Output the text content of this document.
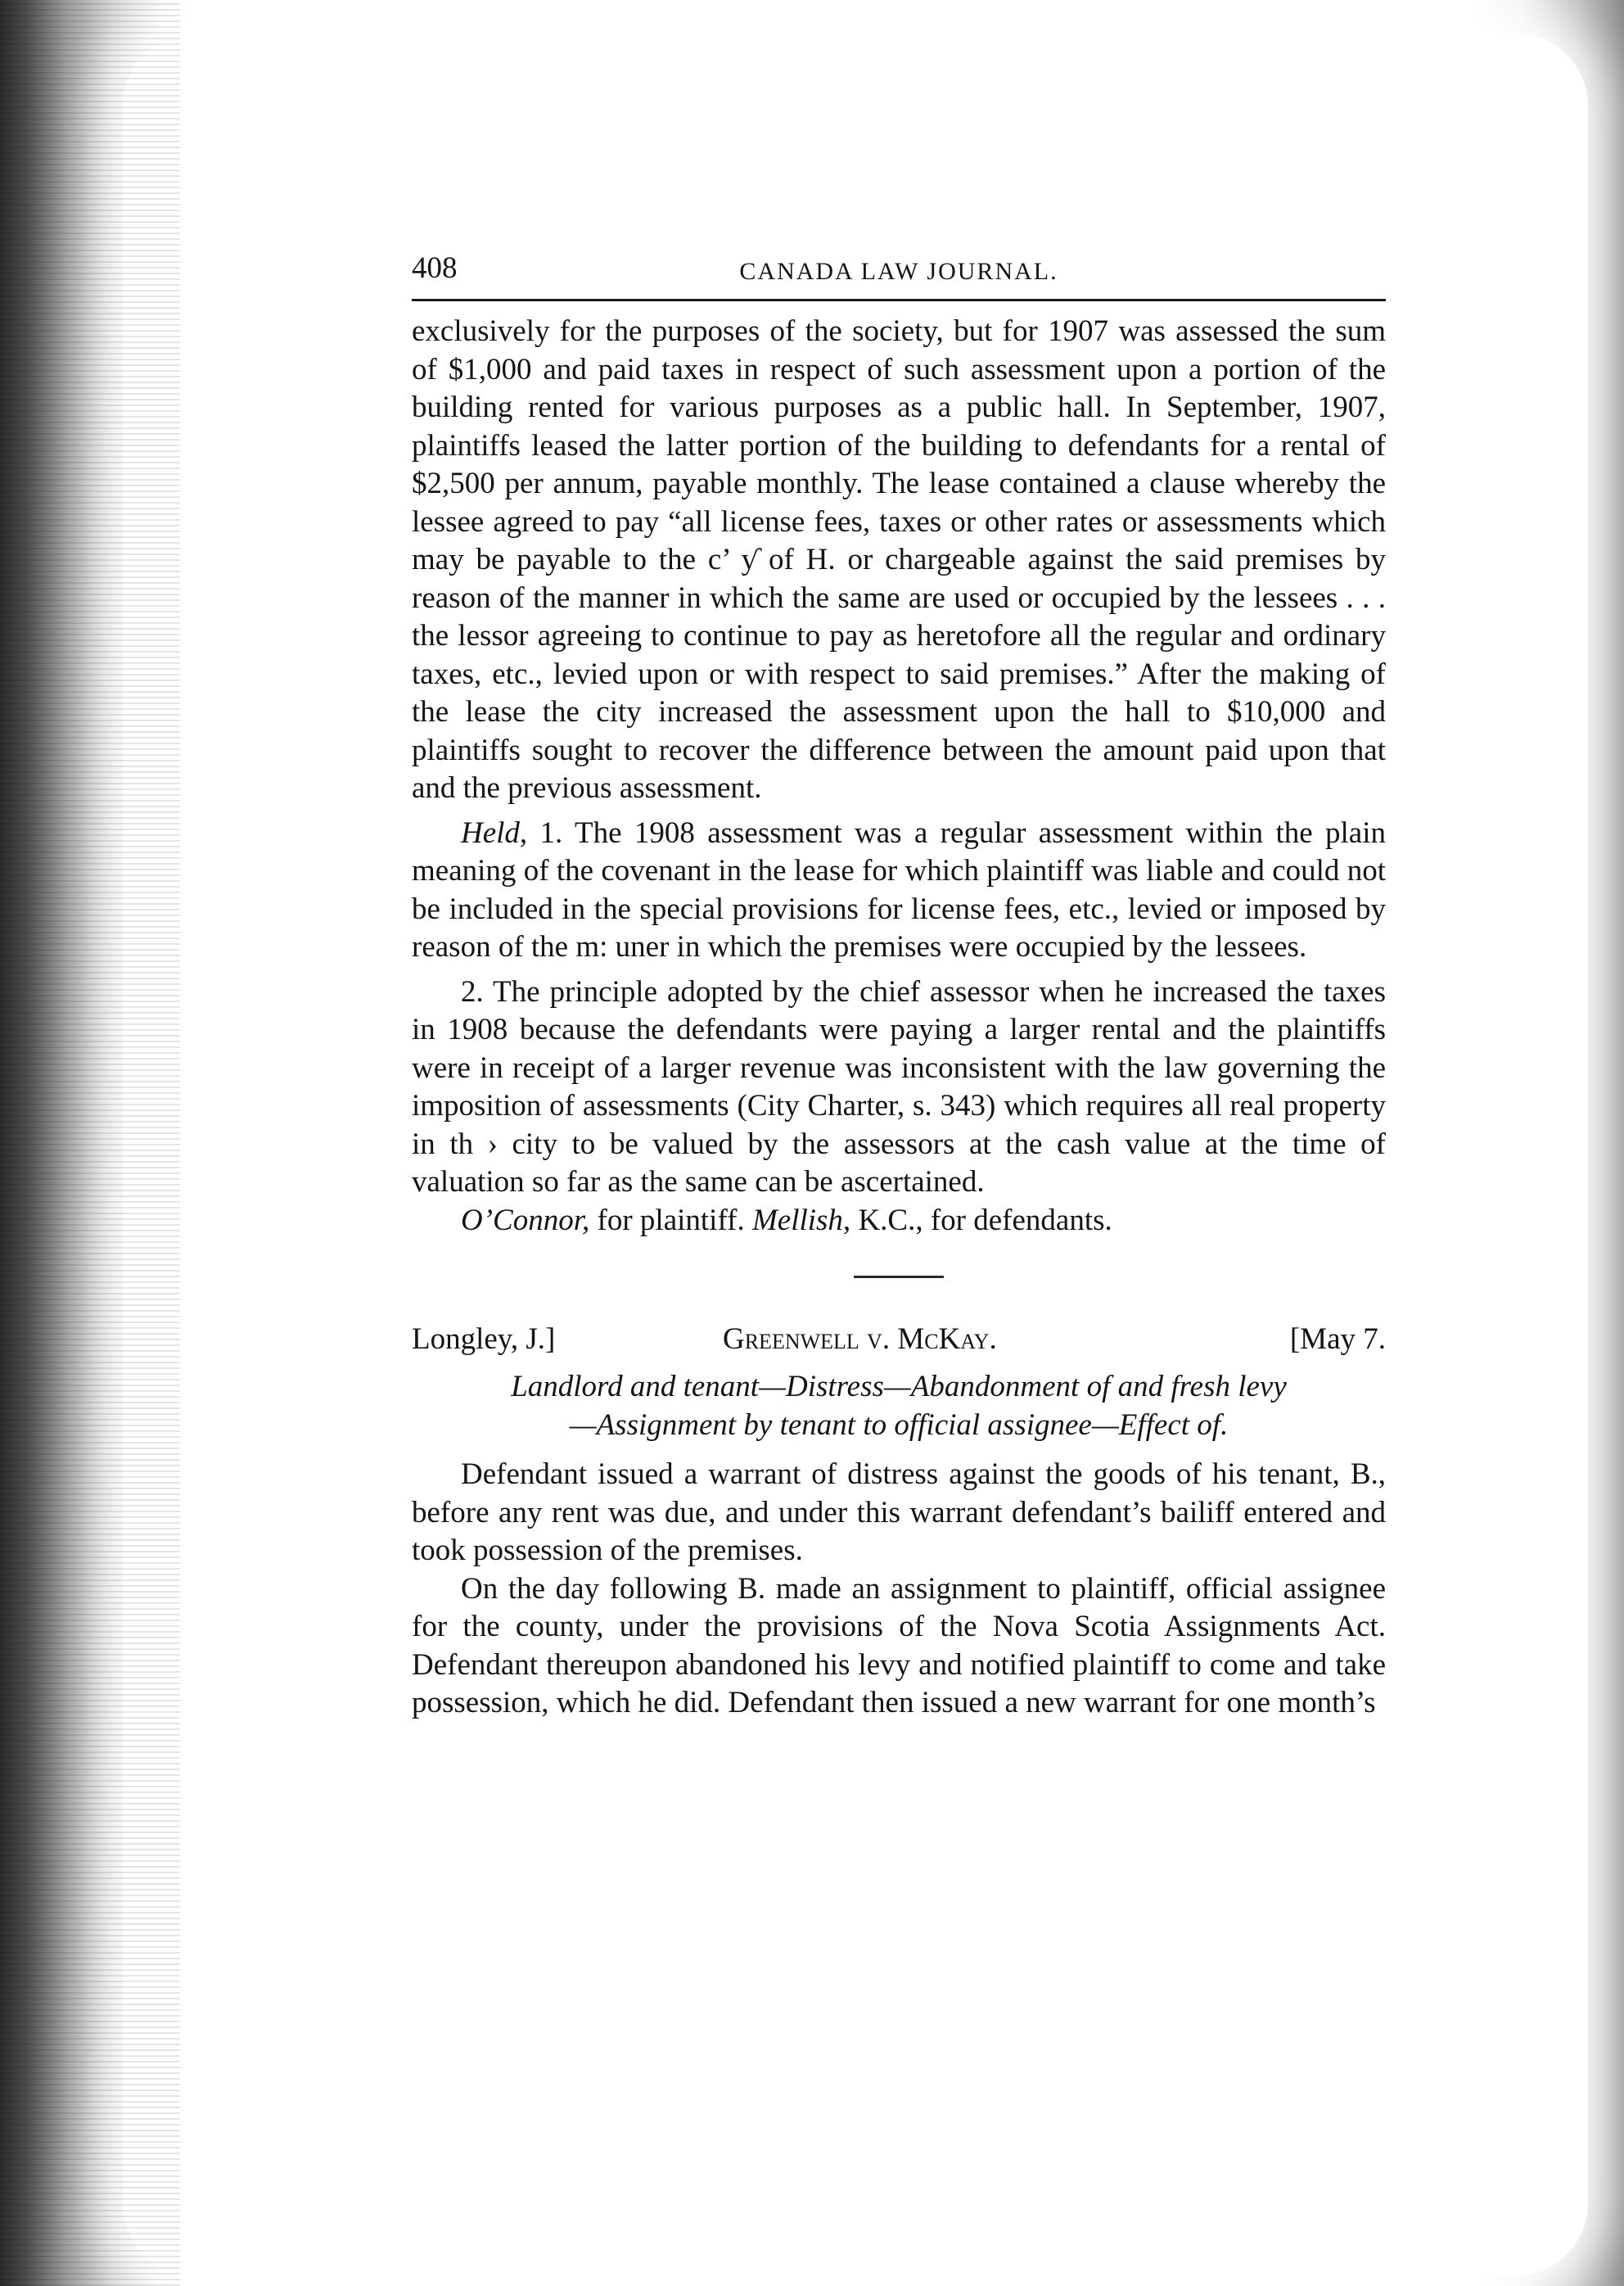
408	CANADA LAW JOURNAL.

exclusively for the purposes of the society, but for 1907 was assessed the sum of $1,000 and paid taxes in respect of such assessment upon a portion of the building rented for various purposes as a public hall. In September, 1907, plaintiffs leased the latter portion of the building to defendants for a rental of $2,500 per annum, payable monthly. The lease contained a clause whereby the lessee agreed to pay “all license fees, taxes or other rates or assessments which may be payable to the c’ ƴ of H. or chargeable against the said premises by reason of the manner in which the same are used or occupied by the lessees . . . the lessor agreeing to continue to pay as heretofore all the regular and ordinary taxes, etc., levied upon or with respect to said premises.” After the making of the lease the city increased the assessment upon the hall to $10,000 and plaintiffs sought to recover the difference between the amount paid upon that and the previous assessment.

Held, 1. The 1908 assessment was a regular assessment within the plain meaning of the covenant in the lease for which plaintiff was liable and could not be included in the special provisions for license fees, etc., levied or imposed by reason of the m: uner in which the premises were occupied by the lessees.

2. The principle adopted by the chief assessor when he increased the taxes in 1908 because the defendants were paying a larger rental and the plaintiffs were in receipt of a larger revenue was inconsistent with the law governing the imposition of assessments (City Charter, s. 343) which requires all real property in th › city to be valued by the assessors at the cash value at the time of valuation so far as the same can be ascertained.

O’Connor, for plaintiff. Mellish, K.C., for defendants.

Longley, J.]	Greenwell v. McKay.	[May 7.
Landlord and tenant—Distress—Abandonment of and fresh levy
—Assignment by tenant to official assignee—Effect of.

Defendant issued a warrant of distress against the goods of his tenant, B., before any rent was due, and under this warrant defendant’s bailiff entered and took possession of the premises.

On the day following B. made an assignment to plaintiff, official assignee for the county, under the provisions of the Nova Scotia Assignments Act. Defendant thereupon abandoned his levy and notified plaintiff to come and take possession, which he did. Defendant then issued a new warrant for one month’s
